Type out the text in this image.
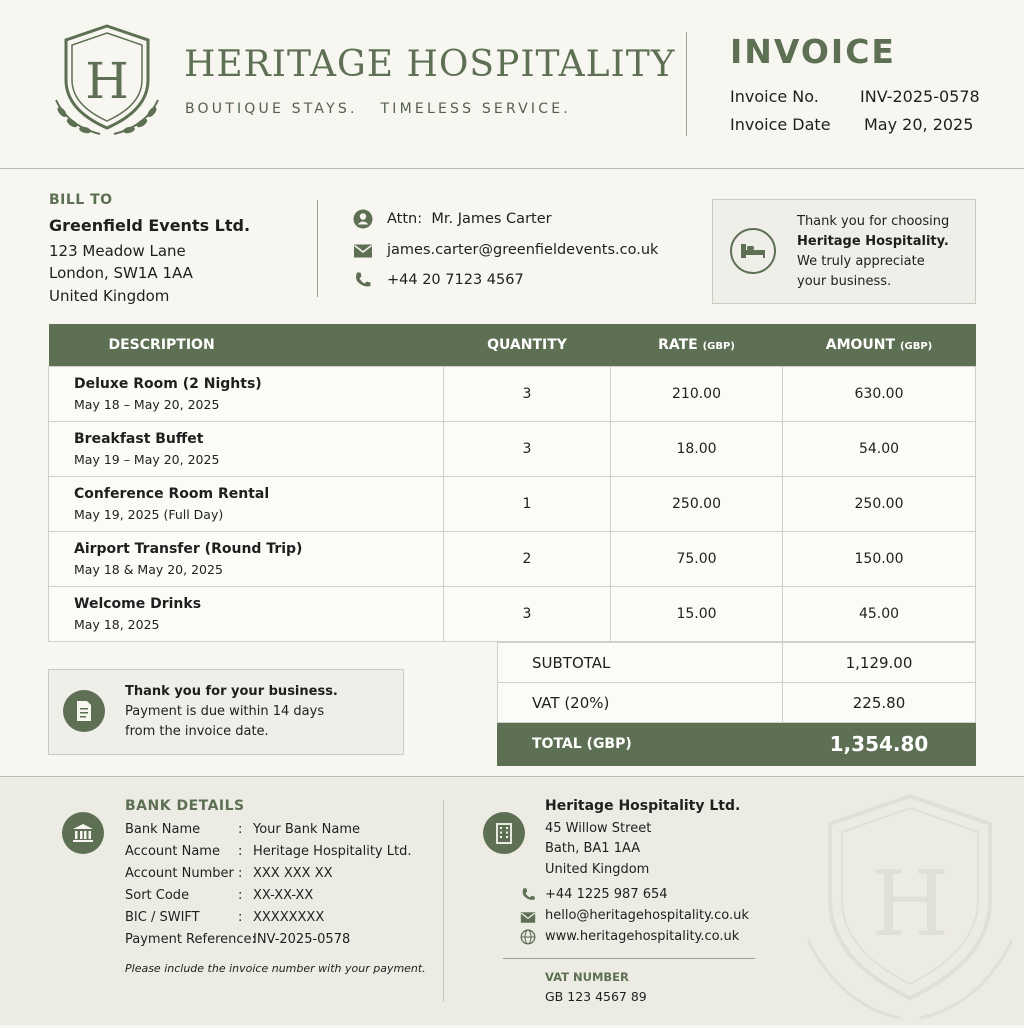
H HERITAGE HOSPITALITY
BOUTIQUE STAYS.   TIMELESS SERVICE.
INVOICE
Invoice No.	INV-2025-0578
Invoice Date May 20, 2025
BILL TO
Greenfield Events Ltd.
123 Meadow Lane
London, SW1A 1AA
United Kingdom
Attn:  Mr. James Carter
james.carter@greenfieldevents.co.uk
+44 20 7123 4567
Thank you for choosing
Heritage Hospitality.
We truly appreciate
your business.
DESCRIPTION	QUANTITY	RATE (GBP)	AMOUNT (GBP)

Deluxe Room (2 Nights)
May 18 – May 20, 2025	3	210.00	630.00

Breakfast Buffet
May 19 – May 20, 2025	3	18.00	54.00

Conference Room Rental
May 19, 2025 (Full Day)	1	250.00	250.00

Airport Transfer (Round Trip)
May 18 & May 20, 2025	2	75.00	150.00

Welcome Drinks
May 18, 2025	3	15.00	45.00
Thank you for your business.
Payment is due within 14 days
from the invoice date.
SUBTOTAL	1,129.00
VAT (20%)	225.80
TOTAL (GBP)	1,354.80
H
BANK DETAILS
Bank Name	: Your Bank Name
Account Name : Heritage Hospitality Ltd.
Account Number : XXX XXX XX
Sort Code	: XX-XX-XX
BIC / SWIFT	: XXXXXXXX
Payment Reference:
INV-2025-0578
Please include the invoice number with your payment.
Heritage Hospitality Ltd.
45 Willow Street
Bath, BA1 1AA
United Kingdom
+44 1225 987 654
hello@heritagehospitality.co.uk
www.heritagehospitality.co.uk
VAT NUMBER
GB 123 4567 89
